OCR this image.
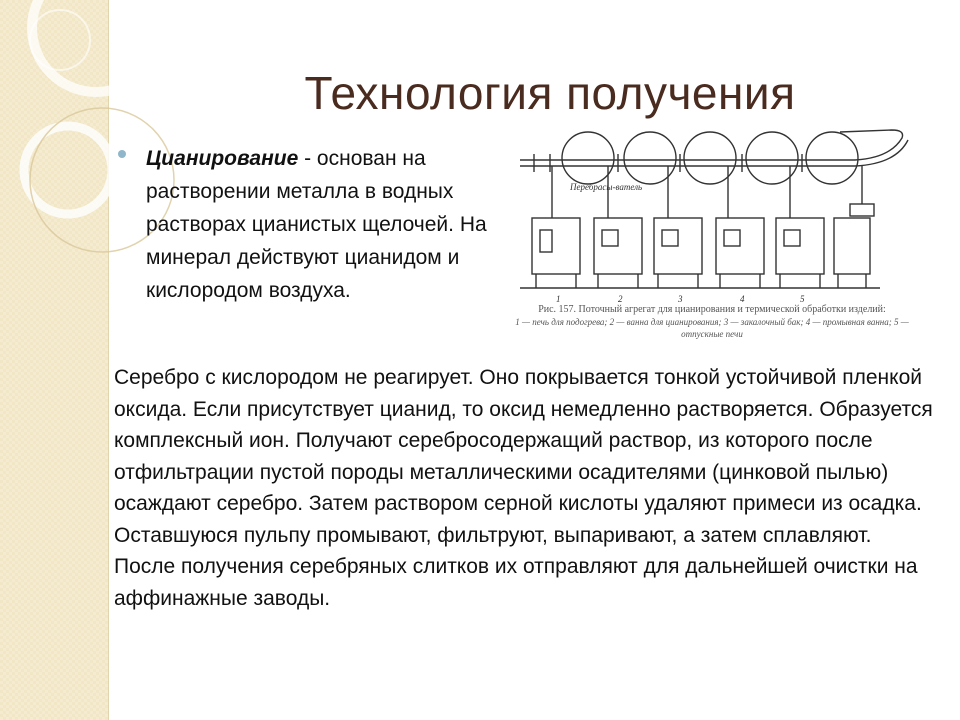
Технология получения
Цианирование - основан на растворении металла в водных растворах цианистых щелочей. На минерал действуют цианидом и кислородом воздуха.
Перебрасы-ватель
1	2	3	4	5
Рис. 157. Поточный агрегат для цианирования и термической обработки изделий:
1 — печь для подогрева; 2 — ванна для цианирования; 3 — закалочный бак; 4 — промывная ванна; 5 — отпускные печи
Серебро с кислородом не реагирует. Оно покрывается тонкой устойчивой пленкой оксида. Если присутствует цианид, то оксид немедленно растворяется. Образуется комплексный ион. Получают серебросодержащий раствор, из которого после отфильтрации пустой породы металлическими осадителями (цинковой пылью) осаждают серебро. Затем раствором серной кислоты удаляют примеси из осадка. Оставшуюся пульпу промывают, фильтруют, выпаривают, а затем сплавляют. После получения серебряных слитков их отправляют для дальнейшей очистки на аффинажные заводы.
